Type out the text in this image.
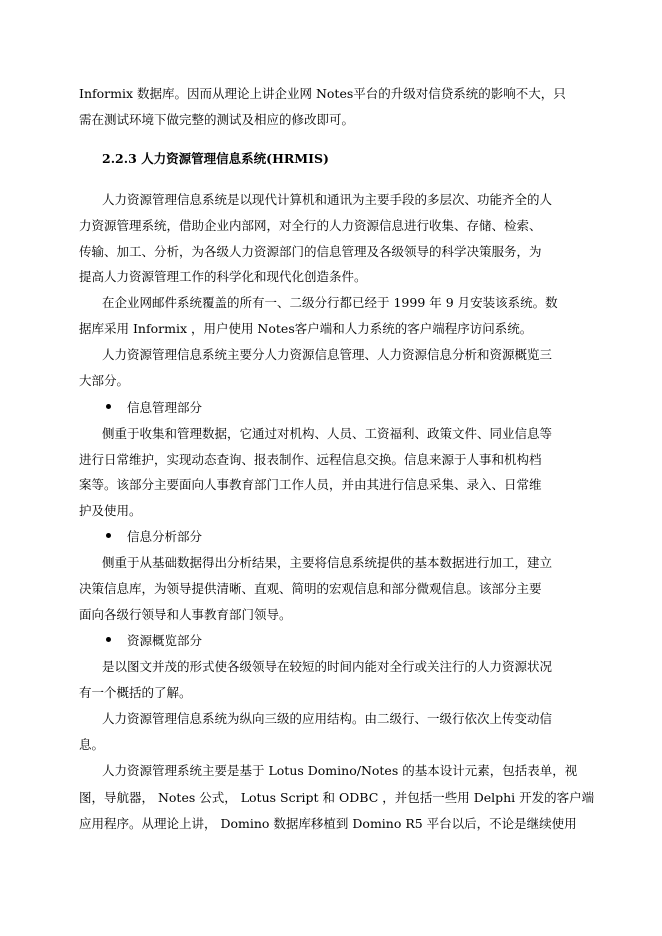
Informix 数据库。因而从理论上讲企业网 Notes平台的升级对信贷系统的影响不大，只
需在测试环境下做完整的测试及相应的修改即可。
2.2.3 人力资源管理信息系统(HRMIS)
人力资源管理信息系统是以现代计算机和通讯为主要手段的多层次、功能齐全的人
力资源管理系统，借助企业内部网，对全行的人力资源信息进行收集、存储、检索、
传输、加工、分析，为各级人力资源部门的信息管理及各级领导的科学决策服务，为
提高人力资源管理工作的科学化和现代化创造条件。
在企业网邮件系统覆盖的所有一、二级分行都已经于 1999 年 9 月安装该系统。数
据库采用 Informix ，用户使用 Notes客户端和人力系统的客户端程序访问系统。
人力资源管理信息系统主要分人力资源信息管理、人力资源信息分析和资源概览三
大部分。
信息管理部分
侧重于收集和管理数据，它通过对机构、人员、工资福利、政策文件、同业信息等
进行日常维护，实现动态查询、报表制作、远程信息交换。信息来源于人事和机构档
案等。该部分主要面向人事教育部门工作人员，并由其进行信息采集、录入、日常维
护及使用。
信息分析部分
侧重于从基础数据得出分析结果，主要将信息系统提供的基本数据进行加工，建立
决策信息库，为领导提供清晰、直观、简明的宏观信息和部分微观信息。该部分主要
面向各级行领导和人事教育部门领导。
资源概览部分
是以图文并茂的形式使各级领导在较短的时间内能对全行或关注行的人力资源状况
有一个概括的了解。
人力资源管理信息系统为纵向三级的应用结构。由二级行、一级行依次上传变动信
息。
人力资源管理系统主要是基于 Lotus Domino/Notes 的基本设计元素，包括表单，视
图，导航器， Notes 公式， Lotus Script 和 ODBC ，并包括一些用 Delphi 开发的客户端
应用程序。从理论上讲， Domino 数据库移植到 Domino R5 平台以后，不论是继续使用
